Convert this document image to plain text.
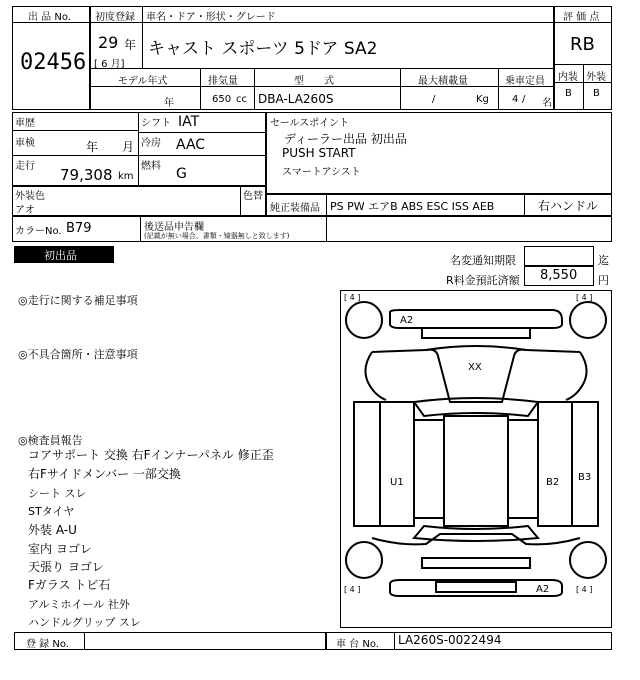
出 品 No.
02456
初度登録 車名・ドア・形状・グレード
29 年
[ 6 月]
キャスト スポーツ 5ドア SA2
モデル年式
年
排気量
650 cc
型　　式
DBA-LA260S
最大積載量
/	Kg
乗車定員
4 / 名
評 価 点
RB
内装 外装
B B
車歴
車検	年 月
走行 79,308 km
シフト IAT
冷房 AAC
燃料 G
セールスポイント
ディーラー出品 初出品
PUSH START
スマートアシスト
外装色
アオ
色替
純正装備品 PS PW エアB ABS ESC ISS AEB	右ハンドル
カラーNo. B79	後送品申告欄
(記載が無い場合、書類・镜器無しと致します)
初出品	名変通知期限	迄
R料金預託済額 8,550 円
◎走行に関する補足事項
◎不具合箇所・注意事項
◎検査員報告
コアサポート 交換 右Fインナーパネル 修正歪
右Fサイドメンバー 一部交換
シート スレ
STタイヤ
外装 A-U
室内 ヨゴレ
天張り ヨゴレ
Fガラス トビ石
アルミホイール 社外
ハンドルグリップ スレ
[ 4 ]	[ 4 ]
[ 4 ]	[ 4 ]
A2
XX
U1	B2 B3
A2
登 録 No.	車 台 No. LA260S-0022494
